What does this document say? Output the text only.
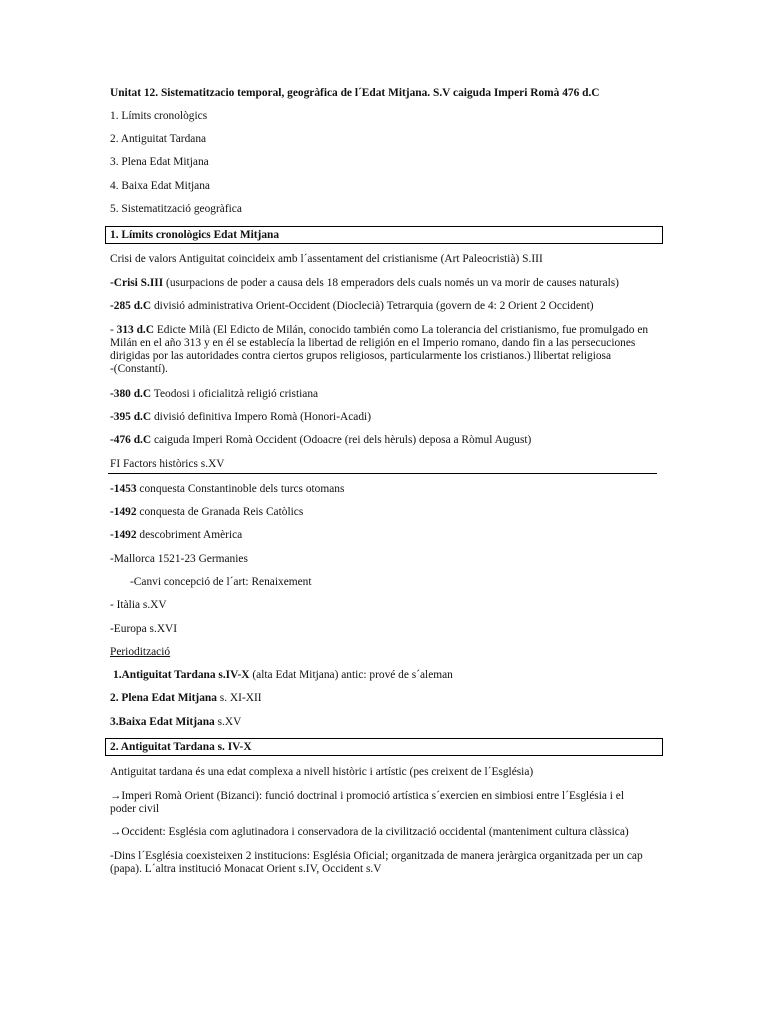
Unitat 12. Sistematitzacio temporal, geogràfica de l´Edat Mitjana. S.V caiguda Imperi Romà 476 d.C
1. Límits cronològics
2. Antiguitat Tardana
3. Plena Edat Mitjana
4. Baixa Edat Mitjana
5. Sistematització geogràfica
1. Límits cronològics Edat Mitjana
Crisi de valors Antiguitat coincideix amb l´assentament del cristianisme (Art Paleocristià) S.III
-Crisi S.III (usurpacions de poder a causa dels 18 emperadors dels cuals només un va morir de causes naturals)
-285 d.C divisió administrativa Orient-Occident (Dioclecià) Tetrarquia (govern de 4: 2 Orient 2 Occident)
- 313 d.C Edicte Milà (El Edicto de Milán, conocido también como La tolerancia del cristianismo, fue promulgado en
Milán en el año 313 y en él se establecía la libertad de religión en el Imperio romano, dando fin a las persecuciones
dirigidas por las autoridades contra ciertos grupos religiosos, particularmente los cristianos.) llibertat religiosa
-(Constantí).
-380 d.C Teodosi i oficialitzà religió cristiana
-395 d.C divisió definitiva Impero Romà (Honori-Acadi)
-476 d.C caiguda Imperi Romà Occident (Odoacre (rei dels hèruls) deposa a Ròmul August)
FI Factors històrics s.XV
-1453 conquesta Constantinoble dels turcs otomans
-1492 conquesta de Granada Reis Catòlics
-1492 descobriment Amèrica
-Mallorca 1521-23 Germanies
-Canvi concepció de l´art: Renaixement
- Itàlia s.XV
-Europa s.XVI
Periodització
1.Antiguitat Tardana s.IV-X (alta Edat Mitjana) antic: prové de s´aleman
2. Plena Edat Mitjana s. XI-XII
3.Baixa Edat Mitjana s.XV
2. Antiguitat Tardana s. IV-X
Antiguitat tardana és una edat complexa a nivell històric i artístic (pes creixent de l´Església)
→Imperi Romà Orient (Bizanci): funció doctrinal i promoció artística s´exercien en simbiosi entre l´Església i el
poder civil
→Occident: Església com aglutinadora i conservadora de la civilització occidental (manteniment cultura clàssica)
-Dins l´Església coexisteixen 2 institucions: Església Oficial; organitzada de manera jeràrgica organitzada per un cap
(papa). L´altra institució Monacat Orient s.IV, Occident s.V
